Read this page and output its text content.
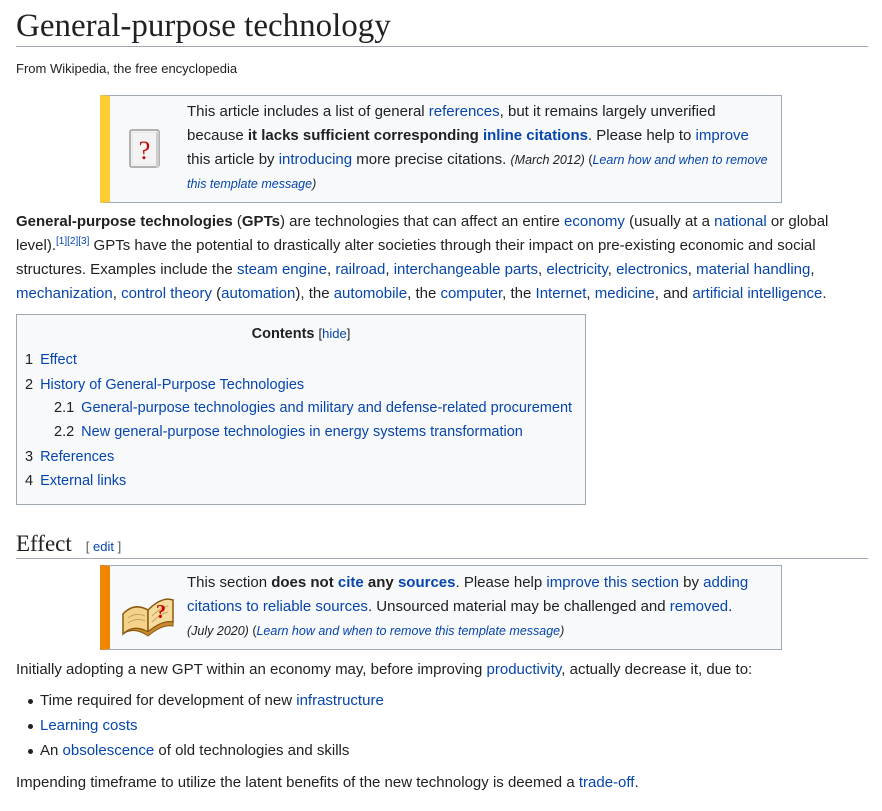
General-purpose technology
From Wikipedia, the free encyclopedia
?
This article includes a list of general references, but it remains largely unverified because it lacks sufficient corresponding inline citations. Please help to improve this article by introducing more precise citations. (March 2012) (Learn how and when to remove this template message)
General-purpose technologies (GPTs) are technologies that can affect an entire economy (usually at a national or global level).[1][2][3] GPTs have the potential to drastically alter societies through their impact on pre-existing economic and social structures. Examples include the steam engine, railroad, interchangeable parts, electricity, electronics, material handling, mechanization, control theory (automation), the automobile, the computer, the Internet, medicine, and artificial intelligence.
Contents [hide]
1 Effect
2 History of General-Purpose Technologies
2.1 General-purpose technologies and military and defense-related procurement
2.2 New general-purpose technologies in energy systems transformation
3 References
4 External links
Effect [ edit ]
?
This section does not cite any sources. Please help improve this section by adding citations to reliable sources. Unsourced material may be challenged and removed.
(July 2020) (Learn how and when to remove this template message)
Initially adopting a new GPT within an economy may, before improving productivity, actually decrease it, due to:
Time required for development of new infrastructure
Learning costs
An obsolescence of old technologies and skills
Impending timeframe to utilize the latent benefits of the new technology is deemed a trade-off.
